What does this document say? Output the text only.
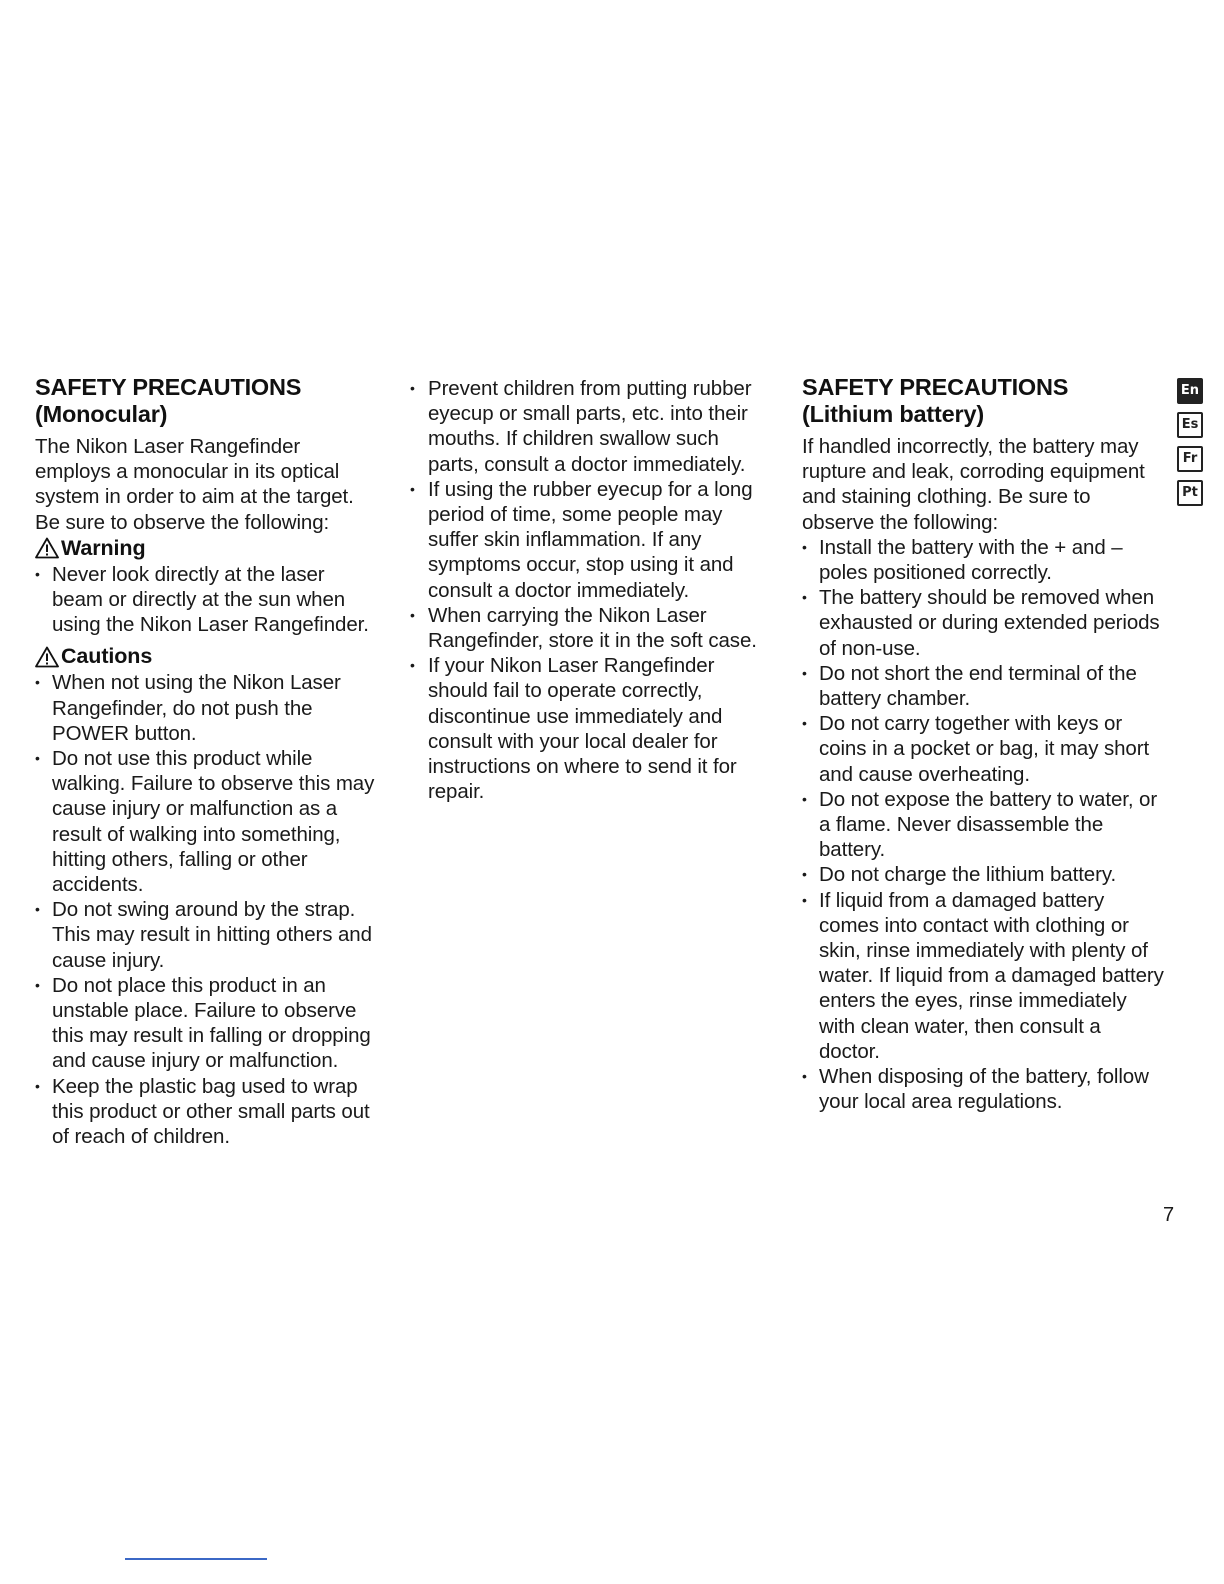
SAFETY PRECAUTIONS
(Monocular)

The Nikon Laser Rangefinder employs a monocular in its optical system in order to aim at the target. Be sure to observe the following:

Warning
• Never look directly at the laser beam or directly at the sun when using the Nikon Laser Rangefinder.
Cautions
• When not using the Nikon Laser Rangefinder, do not push the POWER button.
• Do not use this product while walking. Failure to observe this may cause injury or malfunction as a result of walking into something, hitting others, falling or other accidents.
• Do not swing around by the strap. This may result in hitting others and cause injury.
• Do not place this product in an unstable place. Failure to observe this may result in falling or dropping and cause injury or malfunction.
• Keep the plastic bag used to wrap this product or other small parts out of reach of children.
• Prevent children from putting rubber eyecup or small parts, etc. into their mouths. If children swallow such parts, consult a doctor immediately.
• If using the rubber eyecup for a long period of time, some people may suffer skin inflammation. If any symptoms occur, stop using it and consult a doctor immediately.
• When carrying the Nikon Laser Rangefinder, store it in the soft case.
• If your Nikon Laser Rangefinder should fail to operate correctly, discontinue use immediately and consult with your local dealer for instructions on where to send it for repair.
SAFETY PRECAUTIONS
(Lithium battery)

If handled incorrectly, the battery may rupture and leak, corroding equipment and staining clothing. Be sure to observe the following:

• Install the battery with the + and – poles positioned correctly.
• The battery should be removed when exhausted or during extended periods of non-use.
• Do not short the end terminal of the battery chamber.
• Do not carry together with keys or coins in a pocket or bag, it may short and cause overheating.
• Do not expose the battery to water, or a flame. Never disassemble the battery.
• Do not charge the lithium battery.
• If liquid from a damaged battery comes into contact with clothing or skin, rinse immediately with plenty of water. If liquid from a damaged battery enters the eyes, rinse immediately with clean water, then consult a doctor.
• When disposing of the battery, follow your local area regulations.
En
Es
Fr
Pt
7
